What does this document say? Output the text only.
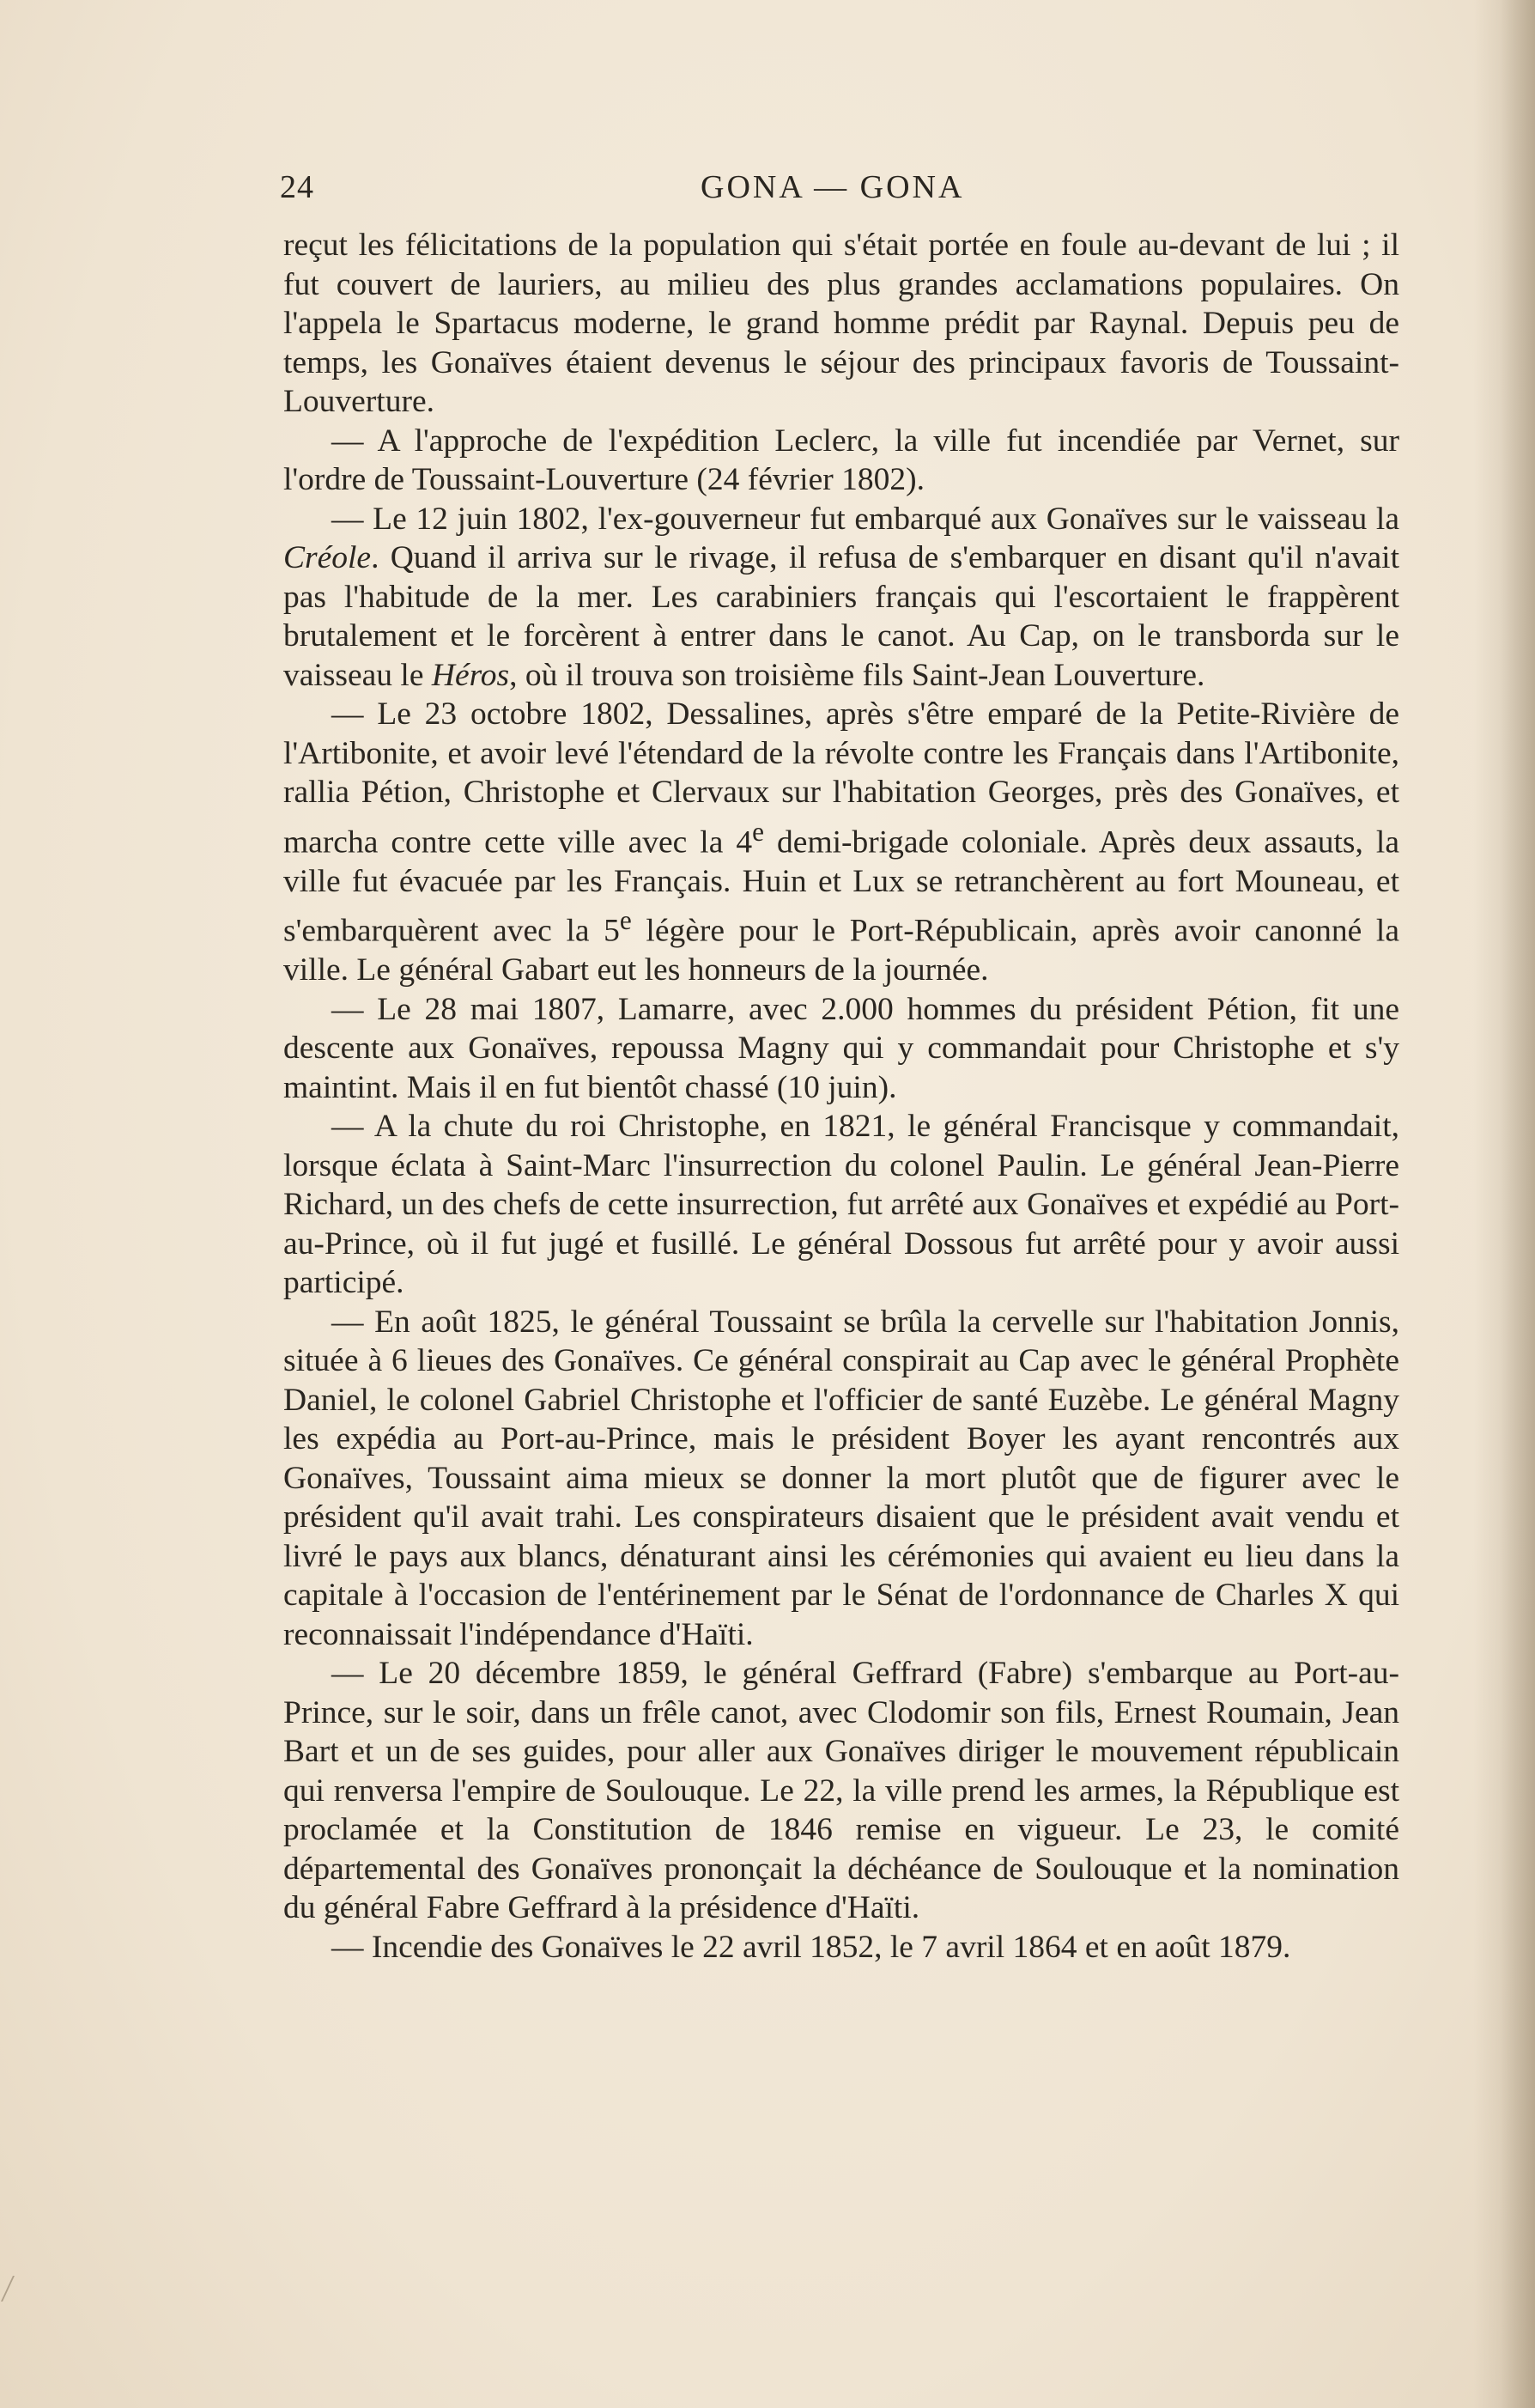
24	GONA — GONA

reçut les félicitations de la population qui s'était portée en foule au-devant de lui ; il fut couvert de lauriers, au milieu des plus grandes acclamations populaires. On l'appela le Spartacus moderne, le grand homme prédit par Raynal. Depuis peu de temps, les Gonaïves étaient devenus le séjour des principaux favoris de Toussaint-Louverture.

— A l'approche de l'expédition Leclerc, la ville fut incendiée par Vernet, sur l'ordre de Toussaint-Louverture (24 février 1802).

— Le 12 juin 1802, l'ex-gouverneur fut embarqué aux Gonaïves sur le vaisseau la Créole. Quand il arriva sur le rivage, il refusa de s'embarquer en disant qu'il n'avait pas l'habitude de la mer. Les carabiniers français qui l'escortaient le frappèrent brutalement et le forcèrent à entrer dans le canot. Au Cap, on le transborda sur le vaisseau le Héros, où il trouva son troisième fils Saint-Jean Louverture.

— Le 23 octobre 1802, Dessalines, après s'être emparé de la Petite-Rivière de l'Artibonite, et avoir levé l'étendard de la révolte contre les Français dans l'Artibonite, rallia Pétion, Christophe et Clervaux sur l'habitation Georges, près des Gonaïves, et marcha contre cette ville avec la 4e demi-brigade coloniale. Après deux assauts, la ville fut évacuée par les Français. Huin et Lux se retranchèrent au fort Mouneau, et s'embarquèrent avec la 5e légère pour le Port-Républicain, après avoir canonné la ville. Le général Gabart eut les honneurs de la journée.

— Le 28 mai 1807, Lamarre, avec 2.000 hommes du président Pétion, fit une descente aux Gonaïves, repoussa Magny qui y commandait pour Christophe et s'y maintint. Mais il en fut bientôt chassé (10 juin).

— A la chute du roi Christophe, en 1821, le général Francisque y commandait, lorsque éclata à Saint-Marc l'insurrection du colonel Paulin. Le général Jean-Pierre Richard, un des chefs de cette insurrection, fut arrêté aux Gonaïves et expédié au Port-au-Prince, où il fut jugé et fusillé. Le général Dossous fut arrêté pour y avoir aussi participé.

— En août 1825, le général Toussaint se brûla la cervelle sur l'habitation Jonnis, située à 6 lieues des Gonaïves. Ce général conspirait au Cap avec le général Prophète Daniel, le colonel Gabriel Christophe et l'officier de santé Euzèbe. Le général Magny les expédia au Port-au-Prince, mais le président Boyer les ayant rencontrés aux Gonaïves, Toussaint aima mieux se donner la mort plutôt que de figurer avec le président qu'il avait trahi. Les conspirateurs disaient que le président avait vendu et livré le pays aux blancs, dénaturant ainsi les cérémonies qui avaient eu lieu dans la capitale à l'occasion de l'entérinement par le Sénat de l'ordonnance de Charles X qui reconnaissait l'indépendance d'Haïti.

— Le 20 décembre 1859, le général Geffrard (Fabre) s'embarque au Port-au-Prince, sur le soir, dans un frêle canot, avec Clodomir son fils, Ernest Roumain, Jean Bart et un de ses guides, pour aller aux Gonaïves diriger le mouvement républicain qui renversa l'empire de Soulouque. Le 22, la ville prend les armes, la République est proclamée et la Constitution de 1846 remise en vigueur. Le 23, le comité départemental des Gonaïves prononçait la déchéance de Soulouque et la nomination du général Fabre Geffrard à la présidence d'Haïti.

— Incendie des Gonaïves le 22 avril 1852, le 7 avril 1864 et en août 1879.
